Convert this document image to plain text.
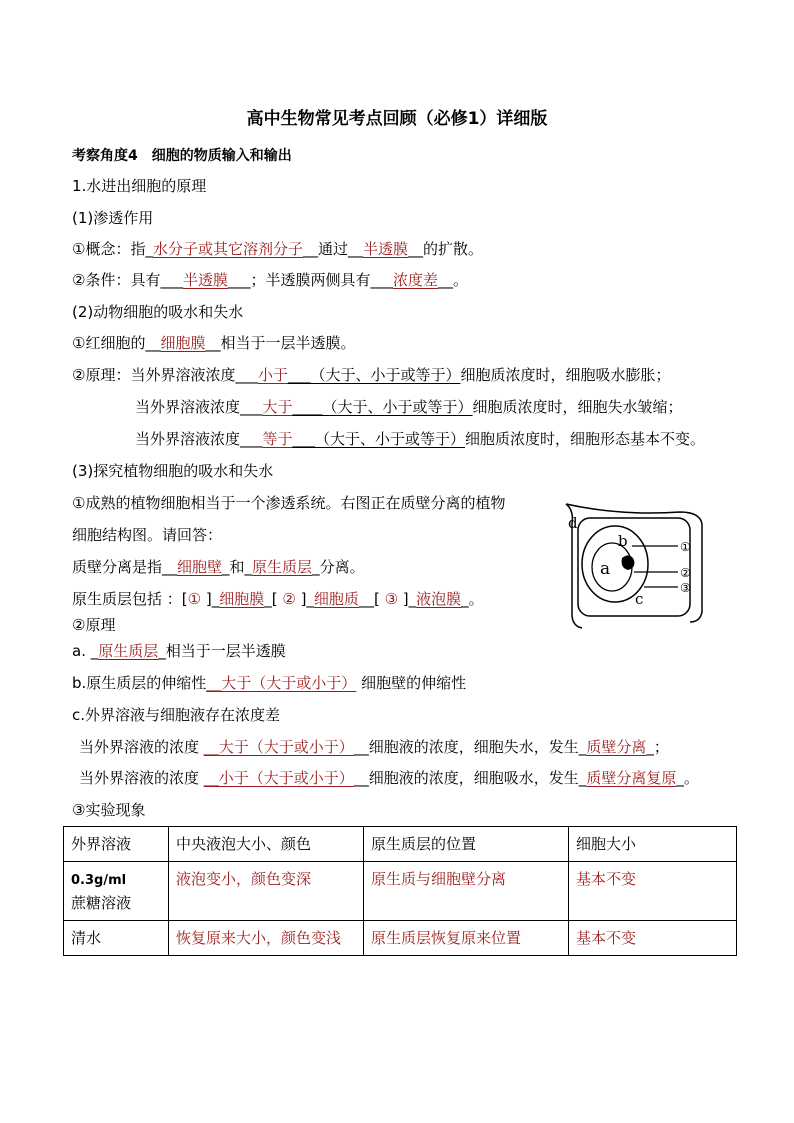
高中生物常见考点回顾（必修1）详细版
考察角度4　细胞的物质输入和输出
1.水进出细胞的原理
(1)渗透作用
①概念：指_水分子或其它溶剂分子__通过__半透膜__的扩散。
②条件：具有___半透膜___；半透膜两侧具有___浓度差__。
(2)动物细胞的吸水和失水
①红细胞的__细胞膜__相当于一层半透膜。
②原理：当外界溶液浓度___小于___（大于、小于或等于）细胞质浓度时，细胞吸水膨胀；
当外界溶液浓度___大于____（大于、小于或等于）细胞质浓度时，细胞失水皱缩；
当外界溶液浓度___等于___（大于、小于或等于）细胞质浓度时，细胞形态基本不变。
(3)探究植物细胞的吸水和失水
①成熟的植物细胞相当于一个渗透系统。右图正在质壁分离的植物
细胞结构图。请回答：
质壁分离是指__细胞壁_和_原生质层_分离。
原生质层包括 ：[① ]_细胞膜_[ ② ]_细胞质__[ ③ ]_液泡膜_。
d
b
a
c
①
②
③
②原理
a. _原生质层_相当于一层半透膜
b.原生质层的伸缩性__大于（大于或小于） 细胞壁的伸缩性
c.外界溶液与细胞液存在浓度差
当外界溶液的浓度 __大于（大于或小于）__细胞液的浓度，细胞失水，发生_质壁分离_；
当外界溶液的浓度 __小于（大于或小于）__细胞液的浓度，细胞吸水，发生_质壁分离复原_。
③实验现象
外界溶液	中央液泡大小、颜色	原生质层的位置	细胞大小
0.3g/ml
蔗糖溶液	液泡变小，颜色变深	原生质与细胞壁分离	基本不变
清水	恢复原来大小，颜色变浅	原生质层恢复原来位置	基本不变
